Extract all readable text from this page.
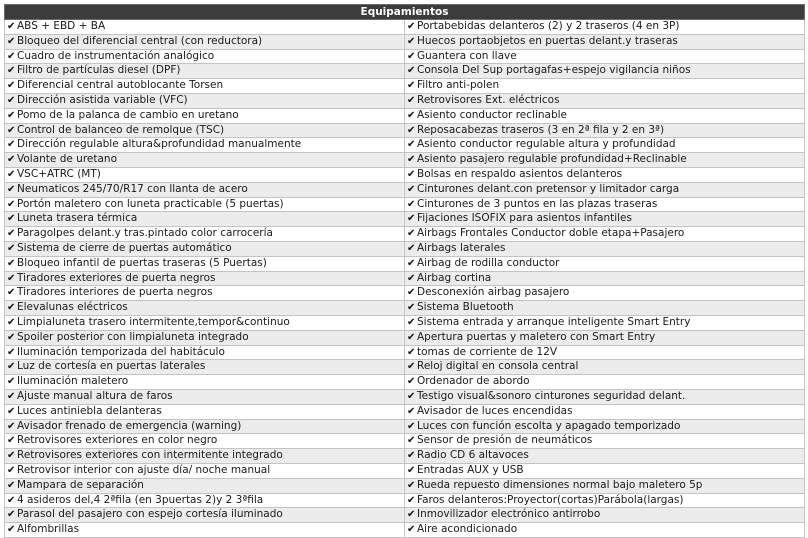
Equipamientos	
✔ ABS + EBD + BA	✔ Portabebidas delanteros (2) y 2 traseros (4 en 3P)
✔ Bloqueo del diferencial central (con reductora)	✔ Huecos portaobjetos en puertas delant.y traseras
✔ Cuadro de instrumentación analógico	✔ Guantera con llave
✔ Filtro de partículas diesel (DPF)	✔ Consola Del Sup portagafas+espejo vigilancia niños
✔ Diferencial central autoblocante Torsen	✔ Filtro anti-polen
✔ Dirección asistida variable (VFC)	✔ Retrovisores Ext. eléctricos
✔ Pomo de la palanca de cambio en uretano	✔ Asiento conductor reclinable
✔ Control de balanceo de remolque (TSC)	✔ Reposacabezas traseros (3 en 2ª fila y 2 en 3ª)
✔ Dirección regulable altura&profundidad manualmente	✔ Asiento conductor regulable altura y profundidad
✔ Volante de uretano	✔ Asiento pasajero regulable profundidad+Reclinable
✔ VSC+ATRC (MT)	✔ Bolsas en respaldo asientos delanteros
✔ Neumaticos 245/70/R17 con llanta de acero	✔ Cinturones delant.con pretensor y limitador carga
✔ Portón maletero con luneta practicable (5 puertas)	✔ Cinturones de 3 puntos en las plazas traseras
✔ Luneta trasera térmica	✔ Fijaciones ISOFIX para asientos infantiles
✔ Paragolpes delant.y tras.pintado color carrocería	✔ Airbags Frontales Conductor doble etapa+Pasajero
✔ Sistema de cierre de puertas automático	✔ Airbags laterales
✔ Bloqueo infantil de puertas traseras (5 Puertas)	✔ Airbag de rodilla conductor
✔ Tiradores exteriores de puerta negros	✔ Airbag cortina
✔ Tiradores interiores de puerta negros	✔ Desconexión airbag pasajero
✔ Elevalunas eléctricos	✔ Sistema Bluetooth
✔ Limpialuneta trasero intermitente,tempor&continuo	✔ Sistema entrada y arranque inteligente Smart Entry
✔ Spoiler posterior con limpialuneta integrado	✔ Apertura puertas y maletero con Smart Entry
✔ Iluminación temporizada del habitáculo	✔ tomas de corriente de 12V
✔ Luz de cortesía en puertas laterales	✔ Reloj digital en consola central
✔ Iluminación maletero	✔ Ordenador de abordo
✔ Ajuste manual altura de faros	✔ Testigo visual&sonoro cinturones seguridad delant.
✔ Luces antiniebla delanteras	✔ Avisador de luces encendidas
✔ Avisador frenado de emergencia (warning)	✔ Luces con función escolta y apagado temporizado
✔ Retrovisores exteriores en color negro	✔ Sensor de presión de neumáticos
✔ Retrovisores exteriores con intermitente integrado	✔ Radio CD 6 altavoces
✔ Retrovisor interior con ajuste día/ noche manual	✔ Entradas AUX y USB
✔ Mampara de separación	✔ Rueda repuesto dimensiones normal bajo maletero 5p
✔ 4 asideros del,4 2ªfila (en 3puertas 2)y 2 3ªfila	✔ Faros delanteros:Proyector(cortas)Parábola(largas)
✔ Parasol del pasajero con espejo cortesía iluminado	✔ Inmovilizador electrónico antirrobo
✔ Alfombrillas	✔ Aire acondicionado
